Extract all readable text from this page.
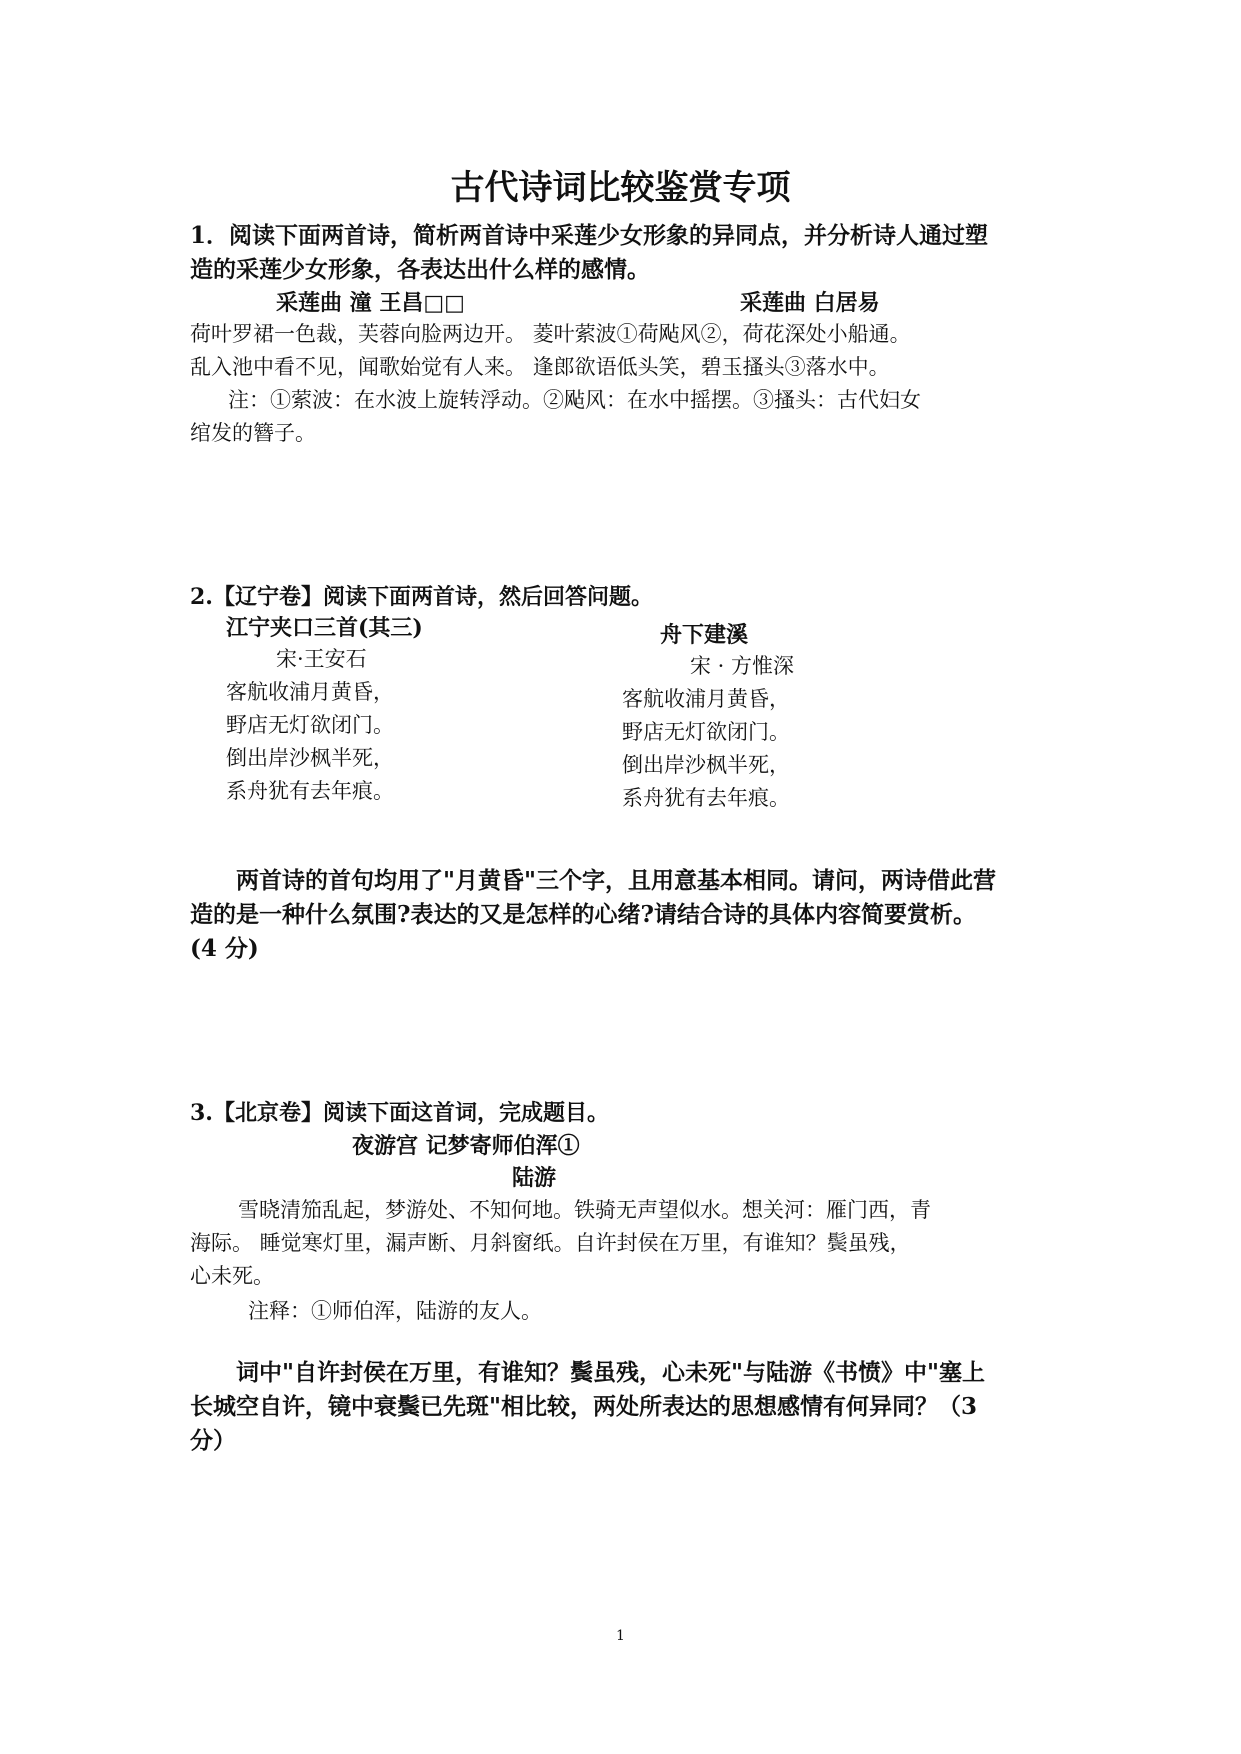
古代诗词比较鉴赏专项
1．阅读下面两首诗，简析两首诗中采莲少女形象的异同点，并分析诗人通过塑
造的采莲少女形象，各表达出什么样的感情。
采莲曲 潼 王昌□□	采莲曲 白居易
荷叶罗裙一色裁，芙蓉向脸两边开。 菱叶萦波①荷飐风②，荷花深处小船通。
乱入池中看不见，闻歌始觉有人来。 逢郎欲语低头笑，碧玉搔头③落水中。
注：①萦波：在水波上旋转浮动。②飐风：在水中摇摆。③搔头：古代妇女
绾发的簪子。
2.【辽宁卷】阅读下面两首诗，然后回答问题。
江宁夹口三首(其三)
宋·王安石
客航收浦月黄昏，
野店无灯欲闭门。
倒出岸沙枫半死，
系舟犹有去年痕。
舟下建溪
宋 · 方惟深
客航收浦月黄昏，
野店无灯欲闭门。
倒出岸沙枫半死，
系舟犹有去年痕。
两首诗的首句均用了"月黄昏"三个字，且用意基本相同。请问，两诗借此营
造的是一种什么氛围?表达的又是怎样的心绪?请结合诗的具体内容简要赏析。
(4 分)
3.【北京卷】阅读下面这首词，完成题目。
夜游宫 记梦寄师伯浑①
陆游
雪晓清笳乱起，梦游处、不知何地。铁骑无声望似水。想关河：雁门西，青
海际。 睡觉寒灯里，漏声断、月斜窗纸。自许封侯在万里，有谁知？鬓虽残，
心未死。
注释：①师伯浑，陆游的友人。
词中"自许封侯在万里，有谁知？鬓虽残，心未死"与陆游《书愤》中"塞上
长城空自许，镜中衰鬓已先斑"相比较，两处所表达的思想感情有何异同？（3
分）
1
